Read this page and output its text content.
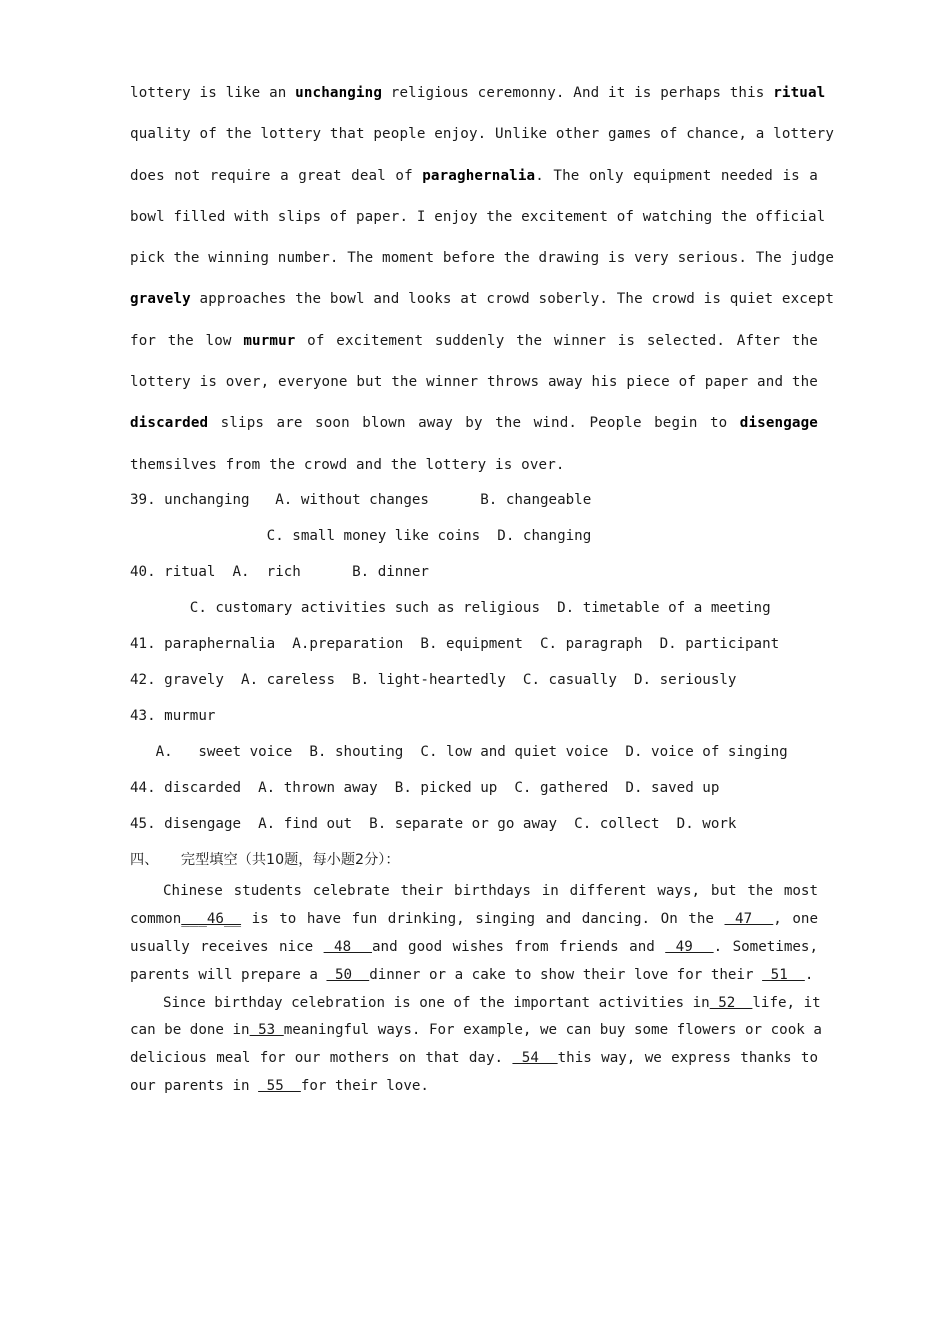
lottery is like an unchanging religious ceremonny. And it is perhaps this ritual
quality of the lottery that people enjoy. Unlike other games of chance, a lottery
does not require a great deal of paraghernalia. The only equipment needed is a
bowl filled with slips of paper. I enjoy the excitement of watching the official
pick the winning number. The moment before the drawing is very serious. The judge
gravely approaches the bowl and looks at crowd soberly. The crowd is quiet except
for the low murmur of excitement suddenly the winner is selected. After the
lottery is over, everyone but the winner throws away his piece of paper and the
discarded slips are soon blown away by the wind. People begin to disengage
themsilves from the crowd and the lottery is over.
39. unchanging   A. without changes      B. changeable
C. small money like coins  D. changing
40. ritual  A.  rich      B. dinner
C. customary activities such as religious  D. timetable of a meeting
41. paraphernalia  A.preparation  B. equipment  C. paragraph  D. participant
42. gravely  A. careless  B. light-heartedly  C. casually  D. seriously
43. murmur
A.   sweet voice  B. shouting  C. low and quiet voice  D. voice of singing
44. discarded  A. thrown away  B. picked up  C. gathered  D. saved up
45. disengage  A. find out  B. separate or go away  C. collect  D. work
四、     完型填空（共10题，每小题2分）：
Chinese students celebrate their birthdays in different ways, but the most
common___46__ is to have fun drinking, singing and dancing. On the  47  , one
usually receives nice  48  and good wishes from friends and  49  . Sometimes,
parents will prepare a  50  dinner or a cake to show their love for their  51  .
Since birthday celebration is one of the important activities in 52  life, it
can be done in 53 meaningful ways. For example, we can buy some flowers or cook a
delicious meal for our mothers on that day.  54  this way, we express thanks to
our parents in  55  for their love.
